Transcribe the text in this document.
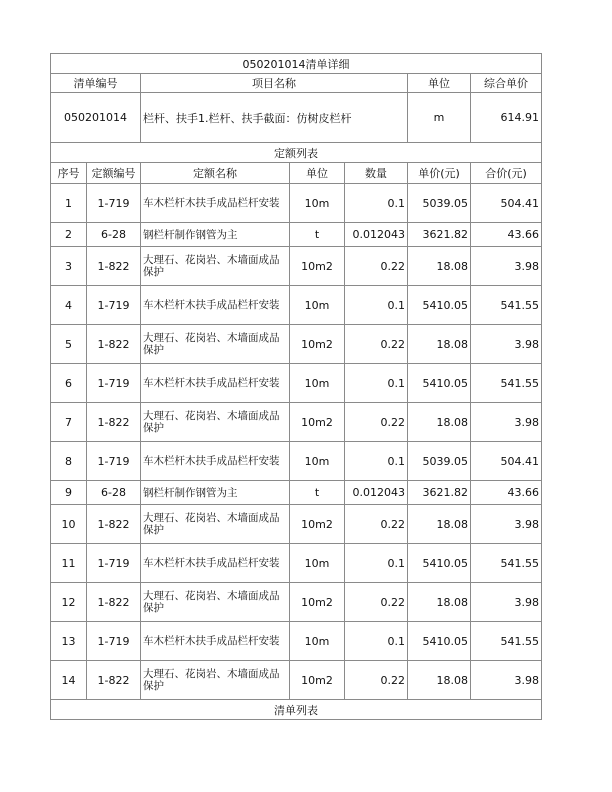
050201014清单详细						
清单编号		项目名称			单位	综合单价
050201014		栏杆、扶手1.栏杆、扶手截面：仿树皮栏杆			m	614.91
定额列表						
序号	定额编号	定额名称	单位	数量	单价(元)	合价(元)
1	1-719	车木栏杆木扶手成品栏杆安装	10m	0.1	5039.05	504.41
2	6-28	钢栏杆制作钢管为主	t	0.012043	3621.82	43.66
3	1-822	大理石、花岗岩、木墙面成品保护	10m2	0.22	18.08	3.98
4	1-719	车木栏杆木扶手成品栏杆安装	10m	0.1	5410.05	541.55
5	1-822	大理石、花岗岩、木墙面成品保护	10m2	0.22	18.08	3.98
6	1-719	车木栏杆木扶手成品栏杆安装	10m	0.1	5410.05	541.55
7	1-822	大理石、花岗岩、木墙面成品保护	10m2	0.22	18.08	3.98
8	1-719	车木栏杆木扶手成品栏杆安装	10m	0.1	5039.05	504.41
9	6-28	钢栏杆制作钢管为主	t	0.012043	3621.82	43.66
10	1-822	大理石、花岗岩、木墙面成品保护	10m2	0.22	18.08	3.98
11	1-719	车木栏杆木扶手成品栏杆安装	10m	0.1	5410.05	541.55
12	1-822	大理石、花岗岩、木墙面成品保护	10m2	0.22	18.08	3.98
13	1-719	车木栏杆木扶手成品栏杆安装	10m	0.1	5410.05	541.55
14	1-822	大理石、花岗岩、木墙面成品保护	10m2	0.22	18.08	3.98
清单列表						
